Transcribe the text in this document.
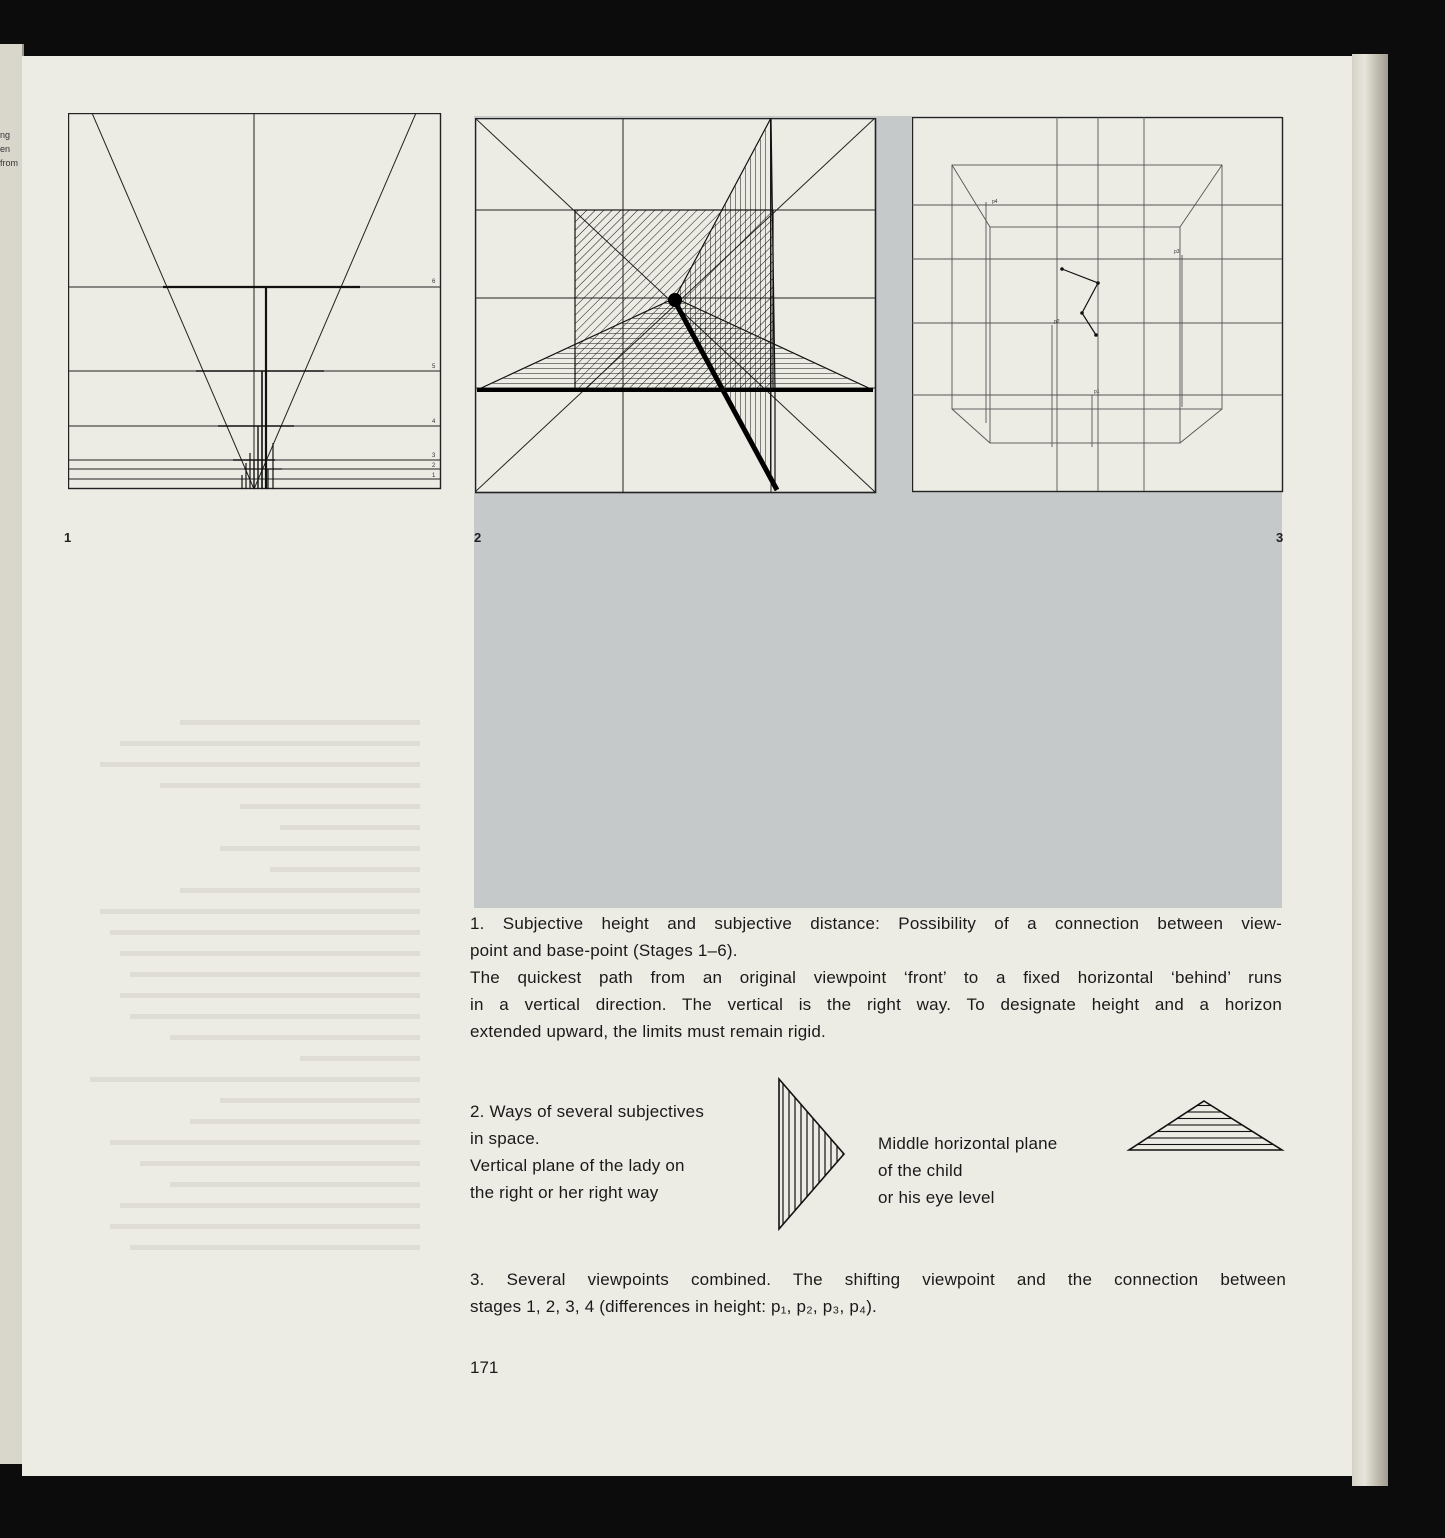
ng
en from
6
5
4
3
2
1
1	2
p4
p3
p2
p1
3
1. Subjective height and subjective distance: Possibility of a connection between view-
point and base-point (Stages 1–6).
The quickest path from an original viewpoint ‘front’ to a fixed horizontal ‘behind’ runs
in a vertical direction. The vertical is the right way. To designate height and a horizon
extended upward, the limits must remain rigid.
2. Ways of several subjectives
in space.
Vertical plane of the lady on
the right or her right way
Middle horizontal plane
of the child
or his eye level
3. Several viewpoints combined. The shifting viewpoint and the connection between
stages 1, 2, 3, 4 (differences in height: p₁, p₂, p₃, p₄).
171
